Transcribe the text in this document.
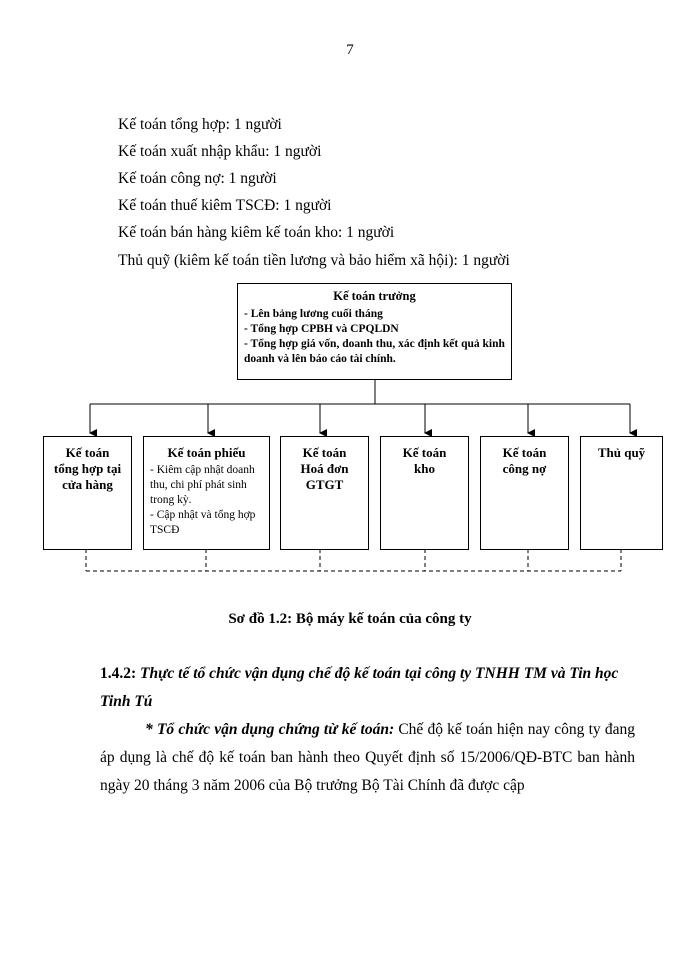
7
Kế toán tổng hợp: 1 người
Kế toán xuất nhập khẩu: 1 người
Kế toán công nợ: 1 người
Kế toán thuế kiêm TSCĐ: 1 người
Kế toán bán hàng kiêm kế toán kho: 1 người
Thủ quỹ (kiêm kế toán tiền lương và bảo hiểm xã hội): 1 người
Kế toán trưởng
- Lên bảng lương cuối tháng
- Tổng hợp CPBH và CPQLDN
- Tổng hợp giá vốn, doanh thu, xác định kết quả kinh doanh và lên báo cáo tài chính.
Kế toán tổng hợp tại cửa hàng
Kế toán phiếu
- Kiêm cập nhật doanh thu, chi phí phát sinh trong kỳ.
- Cập nhật và tổng hợp TSCĐ
Kế toán Hoá đơn GTGT
Kế toán kho
Kế toán công nợ
Thủ quỹ
Sơ đồ 1.2: Bộ máy kế toán của công ty
1.4.2: Thực tế tổ chức vận dụng chế độ kế toán tại công ty TNHH TM và Tin học Tinh Tú
* Tổ chức vận dụng chứng từ kế toán: Chế độ kế toán hiện nay công ty đang áp dụng là chế độ kế toán ban hành theo Quyết định số 15/2006/QĐ-BTC ban hành ngày 20 tháng 3 năm 2006 của Bộ trưởng Bộ Tài Chính đã được cập
